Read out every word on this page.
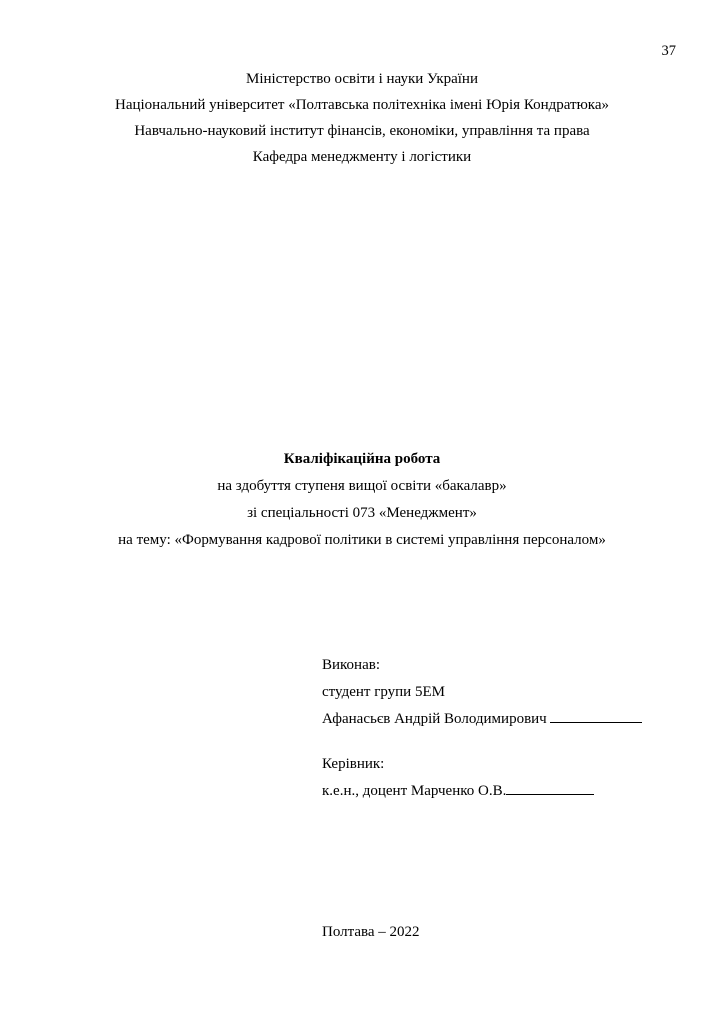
37
Міністерство освіти і науки України
Національний університет «Полтавська політехніка імені Юрія Кондратюка»
Навчально-науковий інститут фінансів, економіки, управління та права
Кафедра менеджменту і логістики
Кваліфікаційна робота
на здобуття ступеня вищої освіти «бакалавр»
зі спеціальності 073 «Менеджмент»
на тему: «Формування кадрової політики в системі управління персоналом»
Виконав:
студент групи 5ЕМ
Афанасьєв Андрій Володимирович
Керівник:
к.е.н., доцент Марченко О.В.
Полтава – 2022
